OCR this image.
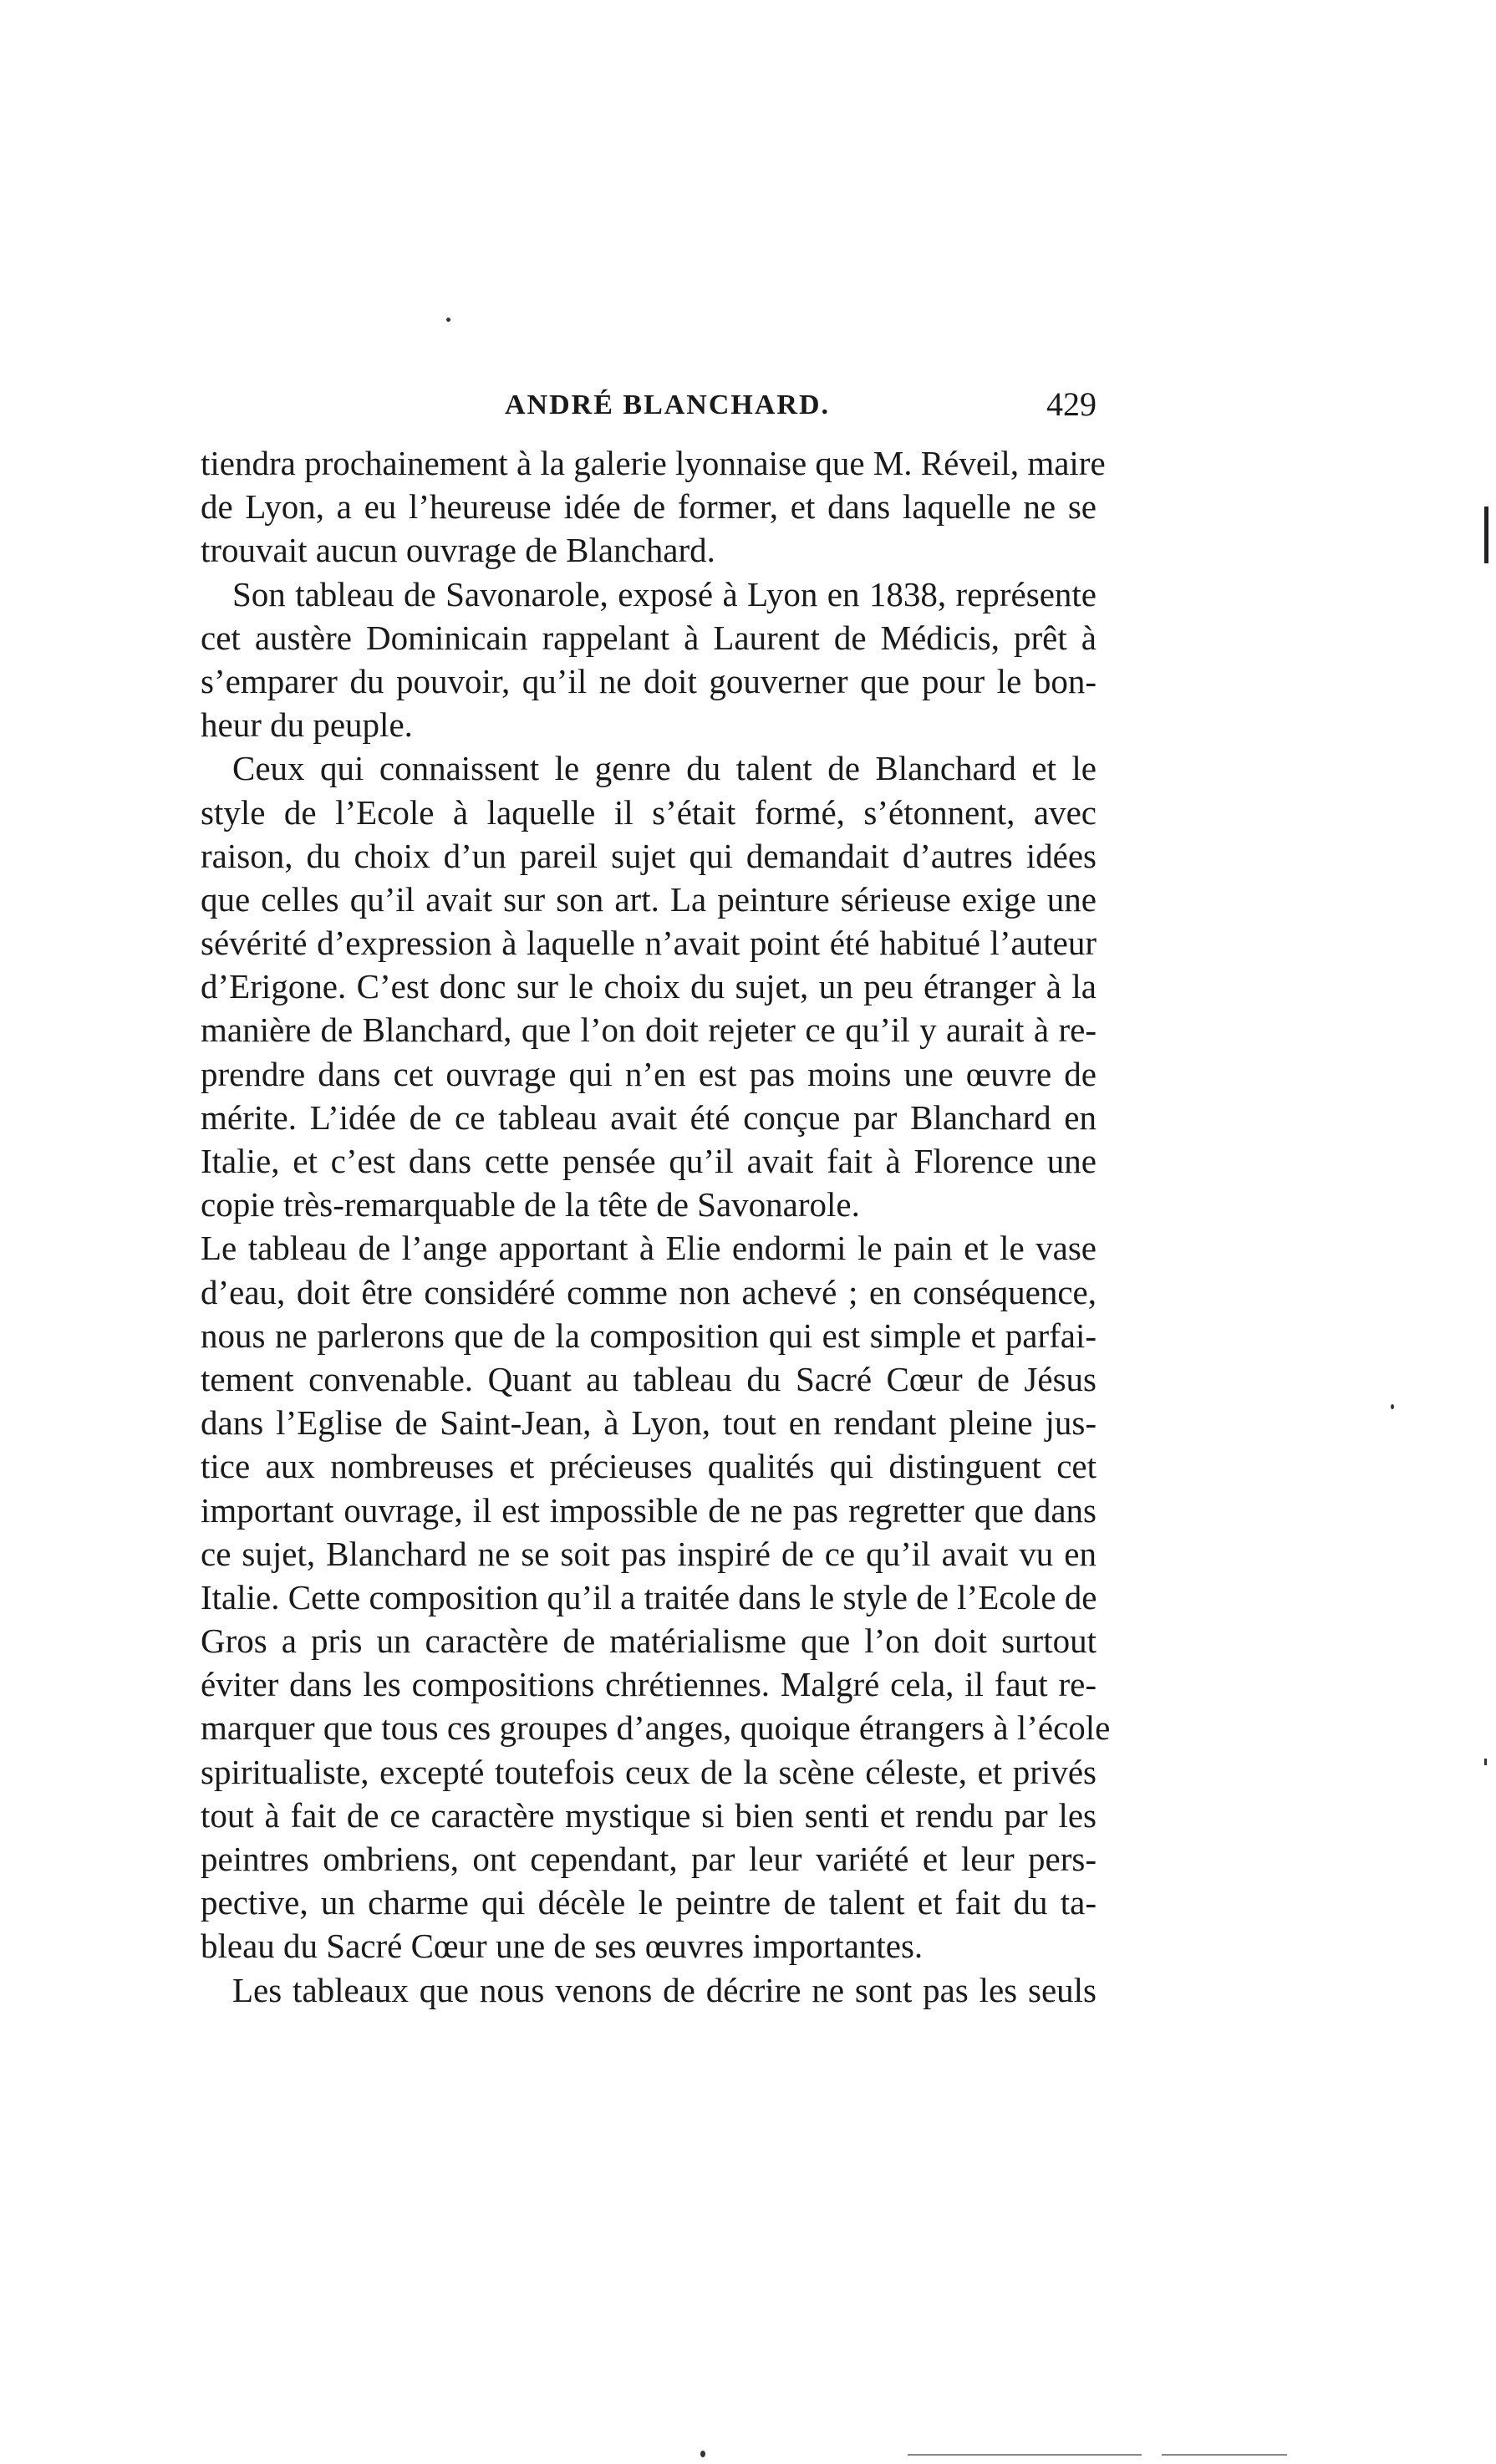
ANDRÉ BLANCHARD.	429
tiendra prochainement à la galerie lyonnaise que M. Réveil, maire
de Lyon, a eu l’heureuse idée de former, et dans laquelle ne se
trouvait aucun ouvrage de Blanchard.
Son tableau de Savonarole, exposé à Lyon en 1838, représente
cet austère Dominicain rappelant à Laurent de Médicis, prêt à
s’emparer du pouvoir, qu’il ne doit gouverner que pour le bon-
heur du peuple.
Ceux qui connaissent le genre du talent de Blanchard et le
style de l’Ecole à laquelle il s’était formé, s’étonnent, avec
raison, du choix d’un pareil sujet qui demandait d’autres idées
que celles qu’il avait sur son art. La peinture sérieuse exige une
sévérité d’expression à laquelle n’avait point été habitué l’auteur
d’Erigone. C’est donc sur le choix du sujet, un peu étranger à la
manière de Blanchard, que l’on doit rejeter ce qu’il y aurait à re-
prendre dans cet ouvrage qui n’en est pas moins une œuvre de
mérite. L’idée de ce tableau avait été conçue par Blanchard en
Italie, et c’est dans cette pensée qu’il avait fait à Florence une
copie très-remarquable de la tête de Savonarole.
Le tableau de l’ange apportant à Elie endormi le pain et le vase
d’eau, doit être considéré comme non achevé ; en conséquence,
nous ne parlerons que de la composition qui est simple et parfai-
tement convenable. Quant au tableau du Sacré Cœur de Jésus
dans l’Eglise de Saint-Jean, à Lyon, tout en rendant pleine jus-
tice aux nombreuses et précieuses qualités qui distinguent cet
important ouvrage, il est impossible de ne pas regretter que dans
ce sujet, Blanchard ne se soit pas inspiré de ce qu’il avait vu en
Italie. Cette composition qu’il a traitée dans le style de l’Ecole de
Gros a pris un caractère de matérialisme que l’on doit surtout
éviter dans les compositions chrétiennes. Malgré cela, il faut re-
marquer que tous ces groupes d’anges, quoique étrangers à l’école
spiritualiste, excepté toutefois ceux de la scène céleste, et privés
tout à fait de ce caractère mystique si bien senti et rendu par les
peintres ombriens, ont cependant, par leur variété et leur pers-
pective, un charme qui décèle le peintre de talent et fait du ta-
bleau du Sacré Cœur une de ses œuvres importantes.
Les tableaux que nous venons de décrire ne sont pas les seuls
